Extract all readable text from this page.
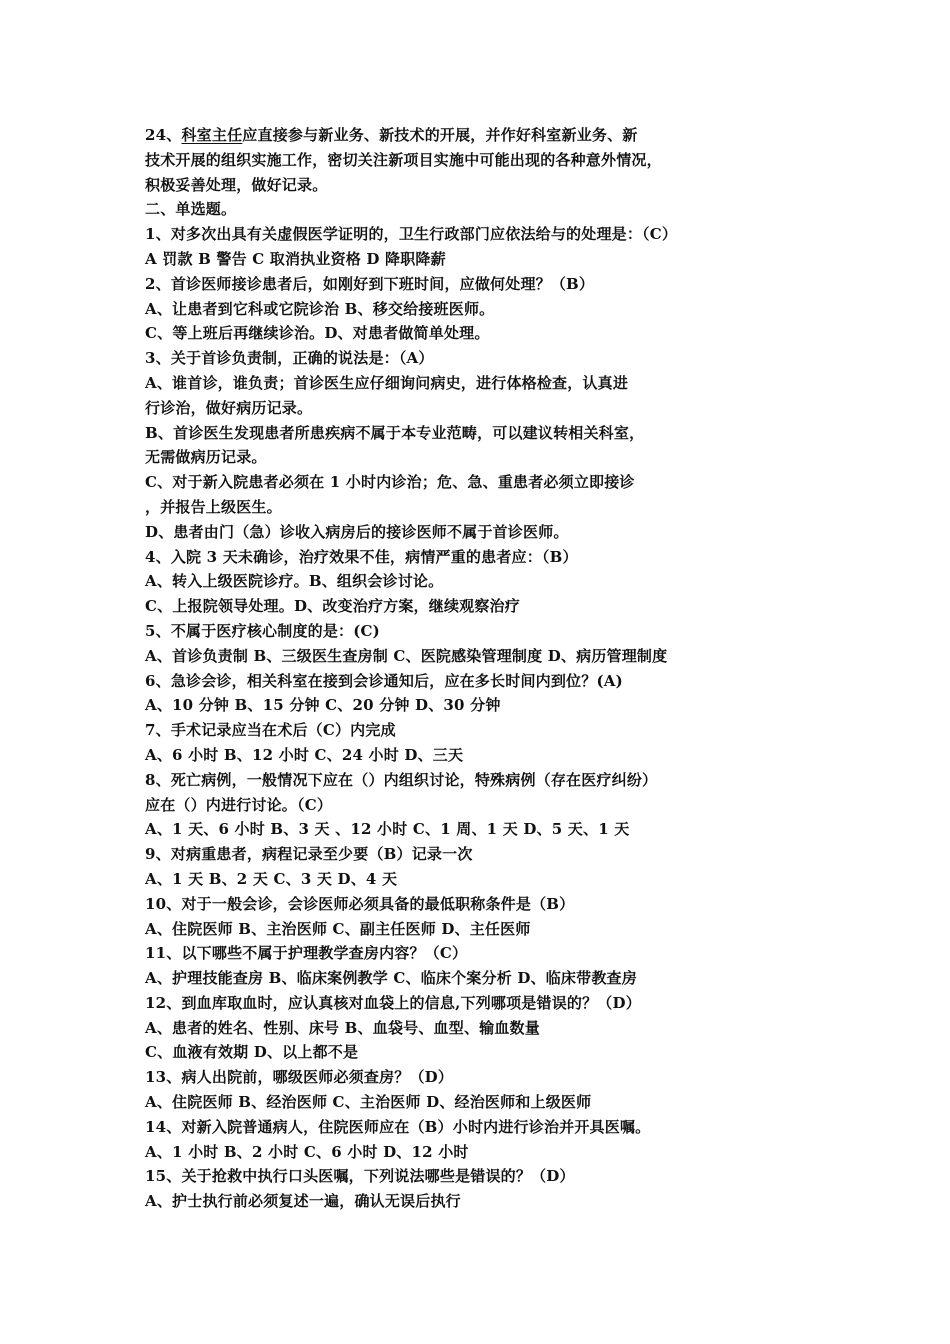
24、科室主任应直接参与新业务、新技术的开展，并作好科室新业务、新
技术开展的组织实施工作，密切关注新项目实施中可能出现的各种意外情况，
积极妥善处理，做好记录。
二、单选题。
1、对多次出具有关虚假医学证明的，卫生行政部门应依法给与的处理是：（C）
A 罚款 B 警告 C 取消执业资格 D 降职降薪
2、首诊医师接诊患者后，如刚好到下班时间，应做何处理？（B）
A、让患者到它科或它院诊治 B、移交给接班医师。
C、等上班后再继续诊治。D、对患者做简单处理。
3、关于首诊负责制，正确的说法是：（A）
A、谁首诊，谁负责；首诊医生应仔细询问病史，进行体格检查，认真进
行诊治，做好病历记录。
B、首诊医生发现患者所患疾病不属于本专业范畴，可以建议转相关科室，
无需做病历记录。
C、对于新入院患者必须在 1 小时内诊治；危、急、重患者必须立即接诊
，并报告上级医生。
D、患者由门（急）诊收入病房后的接诊医师不属于首诊医师。
4、入院 3 天未确诊，治疗效果不佳，病情严重的患者应：（B）
A、转入上级医院诊疗。B、组织会诊讨论。
C、上报院领导处理。D、改变治疗方案，继续观察治疗
5、不属于医疗核心制度的是：(C)
A、首诊负责制 B、三级医生查房制 C、医院感染管理制度 D、病历管理制度
6、急诊会诊，相关科室在接到会诊通知后，应在多长时间内到位？(A)
A、10 分钟 B、15 分钟 C、20 分钟 D、30 分钟
7、手术记录应当在术后（C）内完成
A、6 小时 B、12 小时 C、24 小时 D、三天
8、死亡病例，一般情况下应在（）内组织讨论，特殊病例（存在医疗纠纷）
应在（）内进行讨论。（C）
A、1 天、6 小时 B、3 天 、12 小时 C、1 周、1 天 D、5 天、1 天
9、对病重患者，病程记录至少要（B）记录一次
A、1 天 B、2 天 C、3 天 D、4 天
10、对于一般会诊，会诊医师必须具备的最低职称条件是（B）
A、住院医师 B、主治医师 C、副主任医师 D、主任医师
11、以下哪些不属于护理教学查房内容？（C）
A、护理技能查房 B、临床案例教学 C、临床个案分析 D、临床带教查房
12、到血库取血时，应认真核对血袋上的信息,下列哪项是错误的？（D）
A、患者的姓名、性别、床号 B、血袋号、血型、输血数量
C、血液有效期 D、以上都不是
13、病人出院前，哪级医师必须查房？（D）
A、住院医师 B、经治医师 C、主治医师 D、经治医师和上级医师
14、对新入院普通病人，住院医师应在（B）小时内进行诊治并开具医嘱。
A、1 小时 B、2 小时 C、6 小时 D、12 小时
15、关于抢救中执行口头医嘱，下列说法哪些是错误的？（D）
A、护士执行前必须复述一遍，确认无误后执行
